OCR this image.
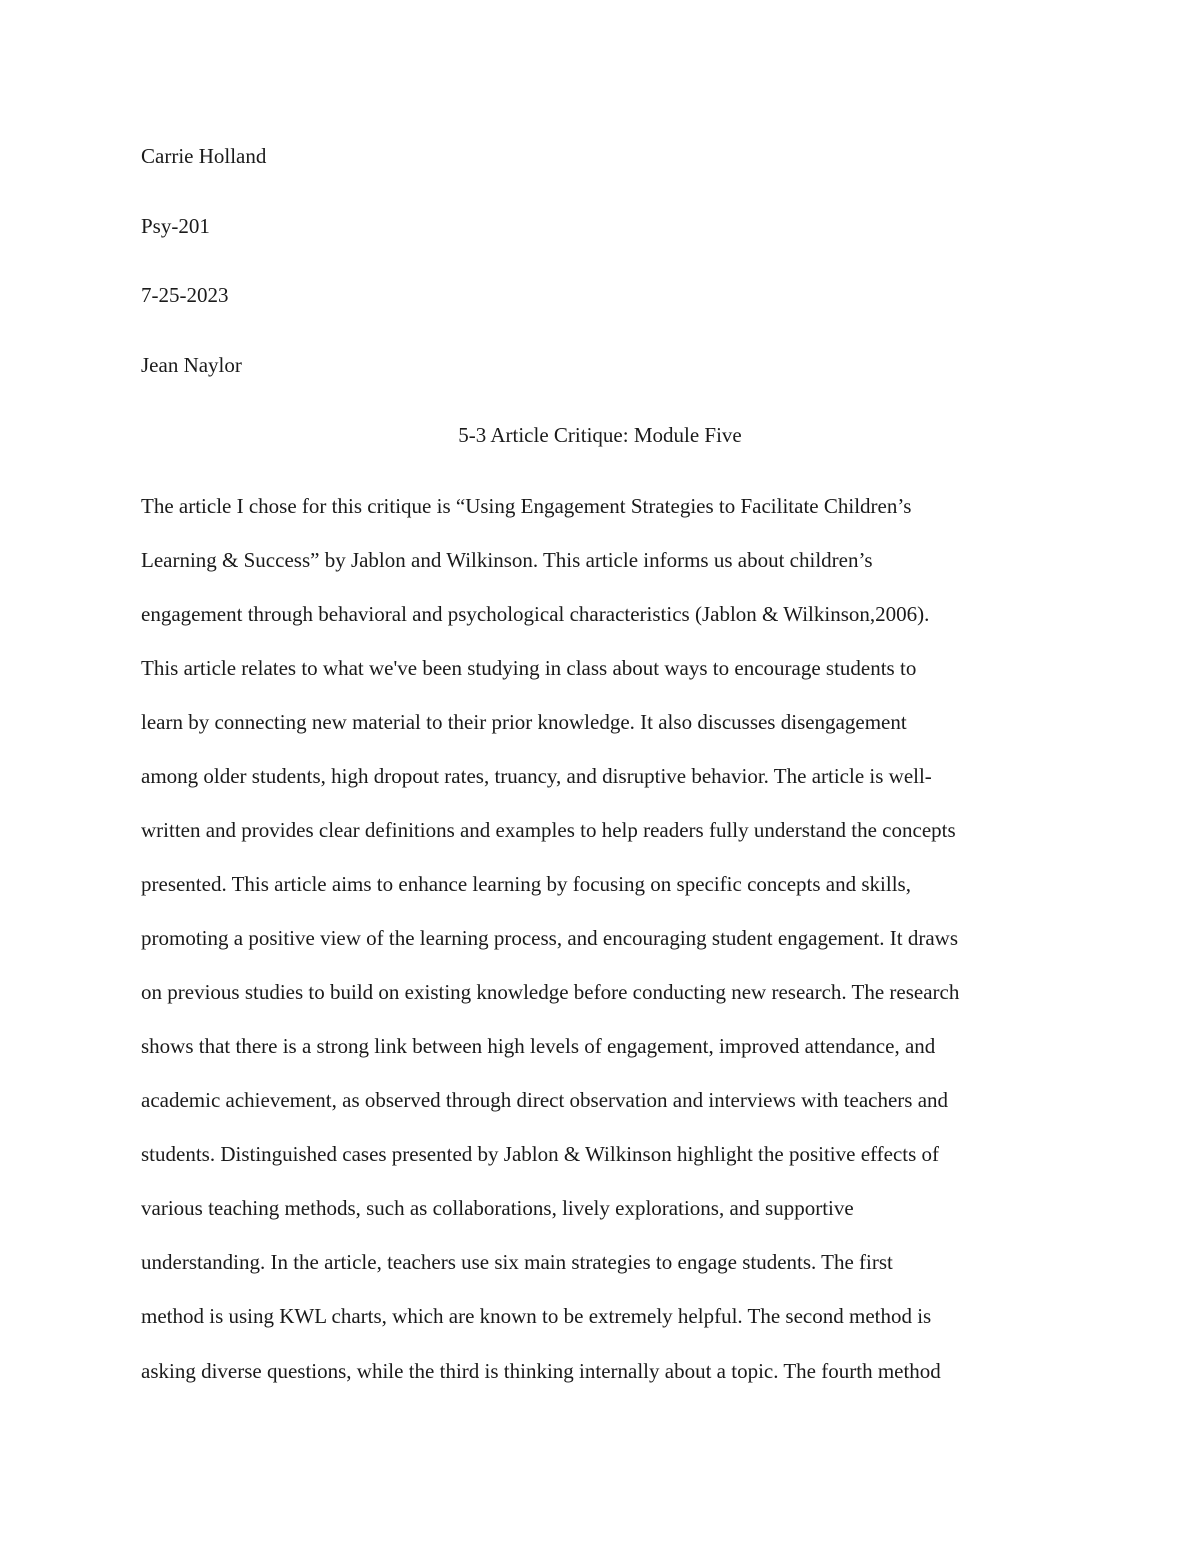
Carrie Holland

Psy-201

7-25-2023

Jean Naylor

5-3 Article Critique: Module Five

The article I chose for this critique is “Using Engagement Strategies to Facilitate Children’s

Learning & Success” by Jablon and Wilkinson. This article informs us about children’s

engagement through behavioral and psychological characteristics (Jablon & Wilkinson,2006).

This article relates to what we've been studying in class about ways to encourage students to

learn by connecting new material to their prior knowledge. It also discusses disengagement

among older students, high dropout rates, truancy, and disruptive behavior. The article is well-

written and provides clear definitions and examples to help readers fully understand the concepts

presented. This article aims to enhance learning by focusing on specific concepts and skills,

promoting a positive view of the learning process, and encouraging student engagement. It draws

on previous studies to build on existing knowledge before conducting new research. The research

shows that there is a strong link between high levels of engagement, improved attendance, and

academic achievement, as observed through direct observation and interviews with teachers and

students. Distinguished cases presented by Jablon & Wilkinson highlight the positive effects of

various teaching methods, such as collaborations, lively explorations, and supportive

understanding. In the article, teachers use six main strategies to engage students. The first

method is using KWL charts, which are known to be extremely helpful. The second method is

asking diverse questions, while the third is thinking internally about a topic. The fourth method
